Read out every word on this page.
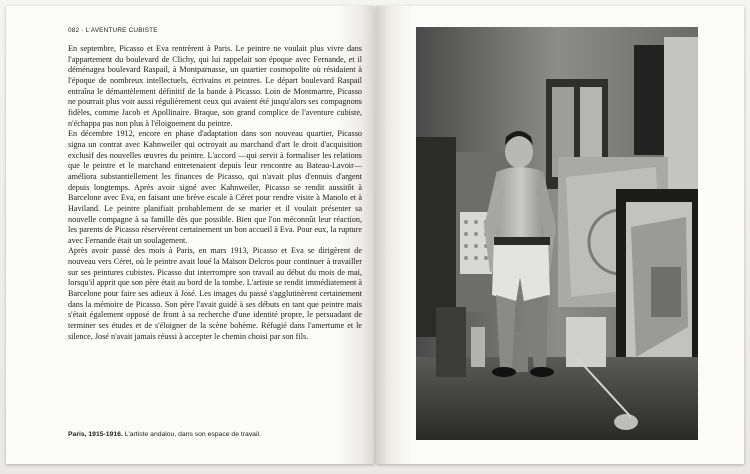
082 · L'AVENTURE CUBISTE

En septembre, Picasso et Eva rentrèrent à Paris. Le peintre ne voulait plus vivre dans l'appartement du boulevard de Clichy, qui lui rappelait son époque avec Fernande, et il déménagea boulevard Raspail, à Montparnasse, un quartier cosmopolite où résidaient à l'époque de nombreux intellectuels, écrivains et peintres. Le départ boulevard Raspail entraîna le démantèlement définitif de la bande à Picasso. Loin de Montmartre, Picasso ne pourrait plus voir aussi régulièrement ceux qui avaient été jusqu'alors ses compagnons fidèles, comme Jacob et Apollinaire. Braque, son grand complice de l'aventure cubiste, n'échappa pas non plus à l'éloignement du peintre.

En décembre 1912, encore en phase d'adaptation dans son nouveau quartier, Picasso signa un contrat avec Kahnweiler qui octroyait au marchand d'art le droit d'acquisition exclusif des nouvelles œuvres du peintre. L'accord —qui servit à formaliser les relations que le peintre et le marchand entretenaient depuis leur rencontre au Bateau-Lavoir— améliora substantiellement les finances de Picasso, qui n'avait plus d'ennuis d'argent depuis longtemps. Après avoir signé avec Kahnweiler, Picasso se rendit aussitôt à Barcelone avec Eva, en faisant une brève escale à Céret pour rendre visite à Manolo et à Haviland. Le peintre planifiait probablement de se marier et il voulait présenter sa nouvelle compagne à sa famille dès que possible. Bien que l'on méconnût leur réaction, les parents de Picasso réservèrent certainement un bon accueil à Eva. Pour eux, la rupture avec Fernande était un soulagement.

Après avoir passé des mois à Paris, en mars 1913, Picasso et Eva se dirigèrent de nouveau vers Céret, où le peintre avait loué la Maison Delcros pour continuer à travailler sur ses peintures cubistes. Picasso dut interrompre son travail au début du mois de mai, lorsqu'il apprit que son père était au bord de la tombe. L'artiste se rendit immédiatement à Barcelone pour faire ses adieux à José. Les images du passé s'agglutinèrent certainement dans la mémoire de Picasso. Son père l'avait guidé à ses débuts en tant que peintre mais s'était également opposé de front à sa recherche d'une identité propre, le persuadant de terminer ses études et de s'éloigner de la scène bohème. Réfugié dans l'amertume et le silence, José n'avait jamais réussi à accepter le chemin choisi par son fils.

Paris, 1915-1916. L'artiste andalou, dans son espace de travail.
